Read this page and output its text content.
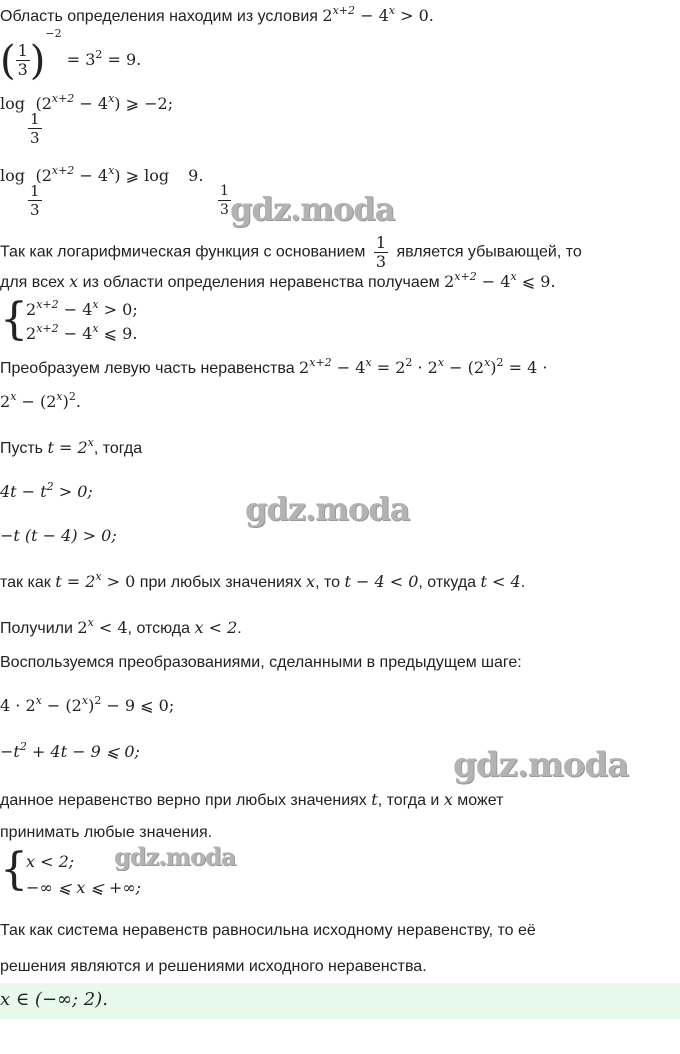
Область определения находим из условия $2^{x+2} - 4^x > 0$.
( $\frac{1}{3} )^{-2} = 3^2 = 9$.
$\log (2^{x+2} - 4^x)$ ⩾ −2;
$\frac{1}{3}$
$\log (2^{x+2} - 4^x)$ ⩾ log 9.
$\frac{1}{3}$	$\frac{1}{3}$ gdz.moda
Так как логарифмическая функция с основанием $\frac{1}{3}$ является убывающей, то
для всех x из области определения неравенства получаем $2^{x+2} - 4^x$ ⩽ 9.
{
$2^{x+2} - 4^x > 0$;
$2^{x+2} - 4^x$ ⩽ 9.
Преобразуем левую часть неравенства $2^{x+2} - 4^x = 2^2 \cdot 2^x - (2^x)^2 = 4$ ·
$2^x - (2^x)^2$.
Пусть $t = 2^x$, тогда
$4t - t^2 > 0$;	gdz.moda
−t (t − 4) > 0;
так как $t = 2^x > 0$ при любых значениях x, то t − 4 < 0, откуда t < 4.
Получили $2^x < 4$, отсюда x < 2.
Воспользуемся преобразованиями, сделанными в предыдущем шаге:
$4 \cdot 2^x - (2^x)^2 - 9$ ⩽ 0;
$-t^2 + 4t - 9$ ⩽ 0;	gdz.moda
данное неравенство верно при любых значениях t, тогда и x может
принимать любые значения.
{
x < 2;
−∞ ⩽ x ⩽ +∞;
gdz.moda
Так как система неравенств равносильна исходному неравенству, то её
решения являются и решениями исходного неравенства.
x ∈ (−∞; 2).
